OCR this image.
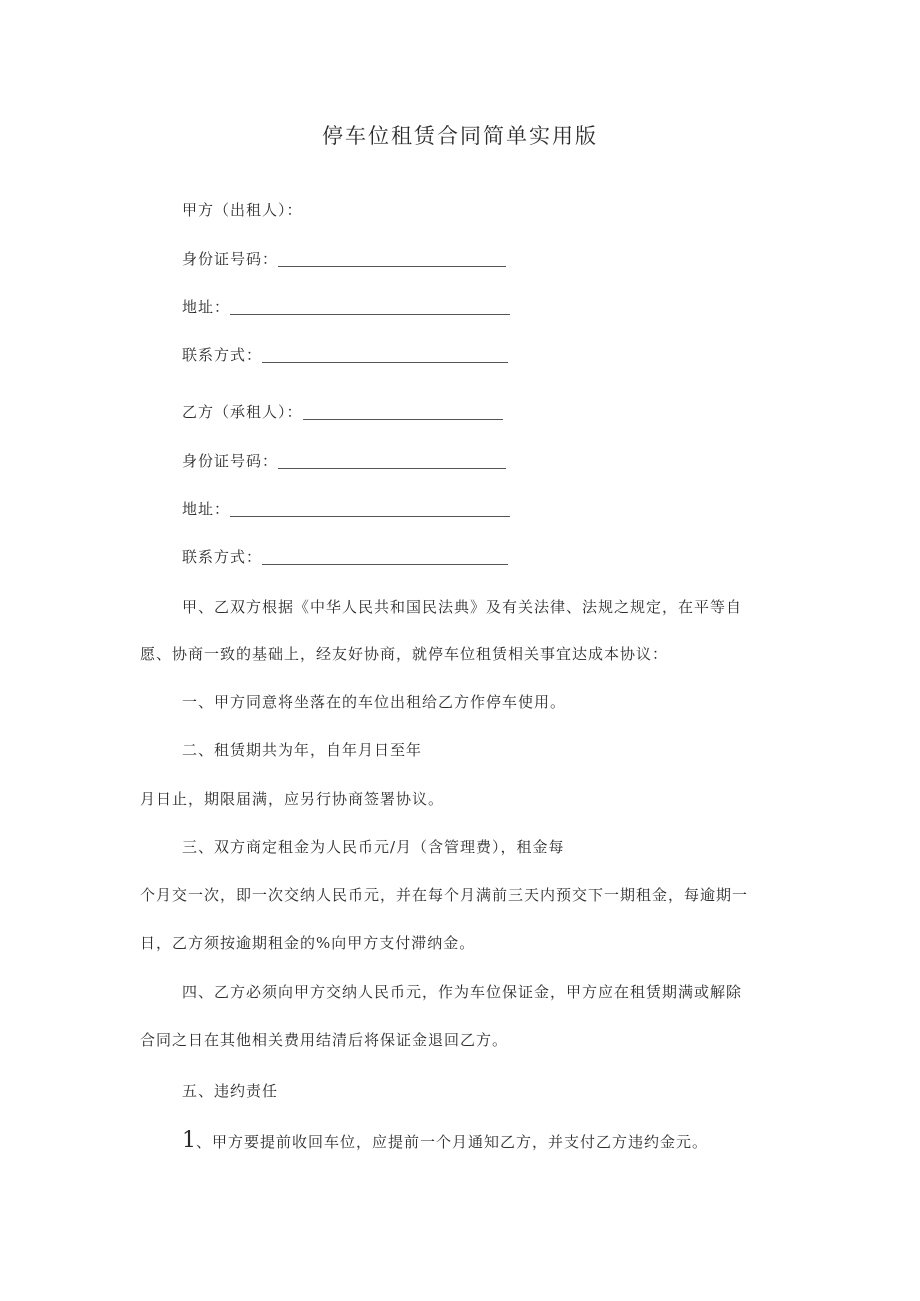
停车位租赁合同简单实用版
甲方（出租人）：
身份证号码：
地址：
联系方式：
乙方（承租人）：
身份证号码：
地址：
联系方式：
甲、乙双方根据《中华人民共和国民法典》及有关法律、法规之规定，在平等自
愿、协商一致的基础上，经友好协商，就停车位租赁相关事宜达成本协议：
一、甲方同意将坐落在的车位出租给乙方作停车使用。
二、租赁期共为年，自年月日至年
月日止，期限届满，应另行协商签署协议。
三、双方商定租金为人民币元/月（含管理费），租金每
个月交一次，即一次交纳人民币元，并在每个月满前三天内预交下一期租金，每逾期一
日，乙方须按逾期租金的%向甲方支付滞纳金。
四、乙方必须向甲方交纳人民币元，作为车位保证金，甲方应在租赁期满或解除
合同之日在其他相关费用结清后将保证金退回乙方。
五、违约责任
1、甲方要提前收回车位，应提前一个月通知乙方，并支付乙方违约金元。
